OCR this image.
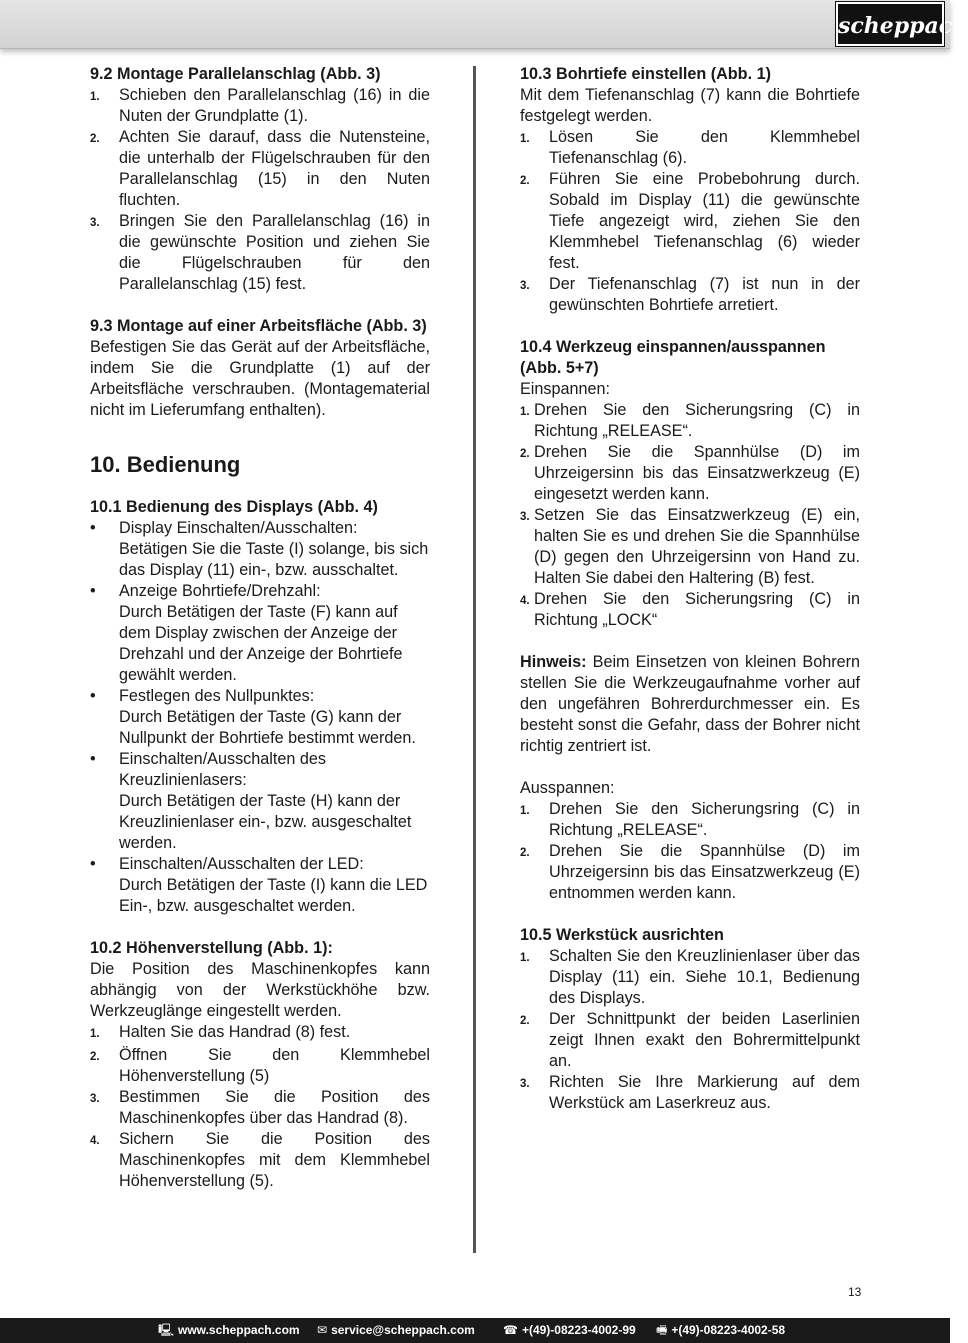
scheppach
9.2 Montage Parallelanschlag (Abb. 3)
1.	Schieben den Parallelanschlag (16) in die Nuten der Grundplatte (1).
2.	Achten Sie darauf, dass die Nutensteine, die unterhalb der Flügelschrauben für den Parallelanschlag (15) in den Nuten fluchten.
3.	Bringen Sie den Parallelanschlag (16) in die gewünschte Position und ziehen Sie die Flügelschrauben für den Parallelanschlag (15) fest.
9.3 Montage auf einer Arbeitsfläche (Abb. 3)

Befestigen Sie das Gerät auf der Arbeitsfläche, indem Sie die Grundplatte (1) auf der Arbeitsfläche verschrauben. (Montagematerial nicht im Lieferumfang enthalten).

10. Bedienung
10.1 Bedienung des Displays (Abb. 4)
•	Display Einschalten/Ausschalten:
Betätigen Sie die Taste (I) solange, bis sich das Display (11) ein-, bzw. ausschaltet.
•	Anzeige Bohrtiefe/Drehzahl:
Durch Betätigen der Taste (F) kann auf dem Display zwischen der Anzeige der Drehzahl und der Anzeige der Bohrtiefe gewählt werden.
•	Festlegen des Nullpunktes:
Durch Betätigen der Taste (G) kann der Nullpunkt der Bohrtiefe bestimmt werden.
•	Einschalten/Ausschalten des Kreuzlinienlasers:
Durch Betätigen der Taste (H) kann der Kreuzlinienlaser ein-, bzw. ausgeschaltet werden.
•	Einschalten/Ausschalten der LED:
Durch Betätigen der Taste (I) kann die LED Ein-, bzw. ausgeschaltet werden.
10.2 Höhenverstellung (Abb. 1):

Die Position des Maschinenkopfes kann abhängig von der Werkstückhöhe bzw. Werkzeuglänge eingestellt werden.

1.	Halten Sie das Handrad (8) fest.
2.	Öffnen Sie den Klemmhebel Höhenverstellung (5)
3.	Bestimmen Sie die Position des Maschinenkopfes über das Handrad (8).
4.	Sichern Sie die Position des Maschinenkopfes mit dem Klemmhebel Höhenverstellung (5).
10.3 Bohrtiefe einstellen (Abb. 1)

Mit dem Tiefenanschlag (7) kann die Bohrtiefe festgelegt werden.

1.	Lösen Sie den Klemmhebel Tiefenanschlag (6).
2.	Führen Sie eine Probebohrung durch. Sobald im Display (11) die gewünschte Tiefe angezeigt wird, ziehen Sie den Klemmhebel Tiefenanschlag (6) wieder fest.
3.	Der Tiefenanschlag (7) ist nun in der gewünschten Bohrtiefe arretiert.
10.4 Werkzeug einspannen/ausspannen (Abb. 5+7)

Einspannen:

1. Drehen Sie den Sicherungsring (C) in Richtung „RELEASE“.
2. Drehen Sie die Spannhülse (D) im Uhrzeigersinn bis das Einsatzwerkzeug (E) eingesetzt werden kann.
3. Setzen Sie das Einsatzwerkzeug (E) ein, halten Sie es und drehen Sie die Spannhülse (D) gegen den Uhrzeigersinn von Hand zu. Halten Sie dabei den Haltering (B) fest.
4. Drehen Sie den Sicherungsring (C) in Richtung „LOCK“

Hinweis: Beim Einsetzen von kleinen Bohrern stellen Sie die Werkzeugaufnahme vorher auf den ungefähren Bohrerdurchmesser ein. Es besteht sonst die Gefahr, dass der Bohrer nicht richtig zentriert ist.

Ausspannen:

1.	Drehen Sie den Sicherungsring (C) in Richtung „RELEASE“.
2.	Drehen Sie die Spannhülse (D) im Uhrzeigersinn bis das Einsatzwerkzeug (E) entnommen werden kann.
10.5 Werkstück ausrichten
1.	Schalten Sie den Kreuzlinienlaser über das Display (11) ein. Siehe 10.1, Bedienung des Displays.
2.	Der Schnittpunkt der beiden Laserlinien zeigt Ihnen exakt den Bohrermittelpunkt an.
3.	Richten Sie Ihre Markierung auf dem Werkstück am Laserkreuz aus.
13
🖳 www.scheppach.com ✉ service@scheppach.com ☎ +(49)-08223-4002-99 🖷 +(49)-08223-4002-58
